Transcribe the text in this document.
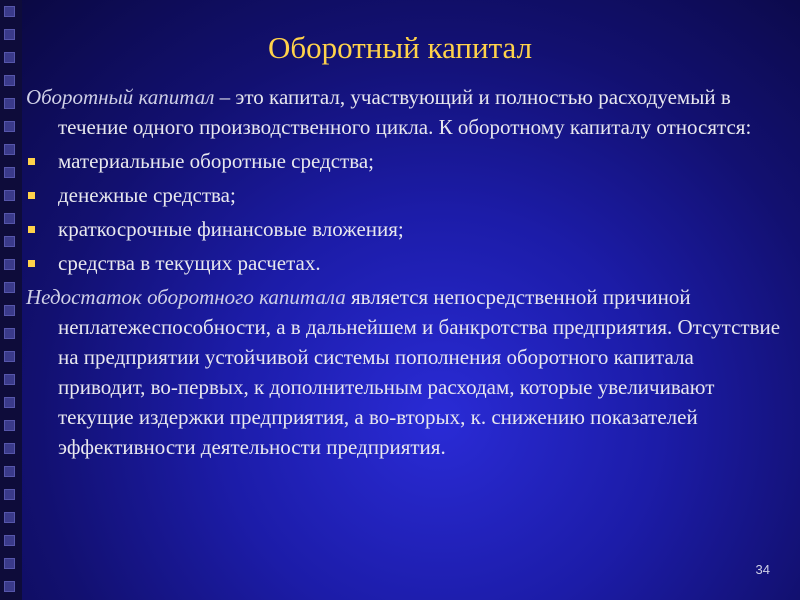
Оборотный капитал

Оборотный капитал – это капитал, участвующий и полностью расходуемый в течение одного производственного цикла. К оборотному капиталу относятся:

материальные оборотные средства;
денежные средства;
краткосрочные финансовые вложения;
средства в текущих расчетах.

Недостаток оборотного капитала является непосредственной причиной неплатежеспособности, а в дальнейшем и банкротства предприятия. Отсутствие на предприятии устойчивой системы пополнения оборотного капитала приводит, во-первых, к дополнительным расходам, которые увеличивают текущие издержки предприятия, а во-вторых, к. снижению показателей эффективности деятельности предприятия.

34
